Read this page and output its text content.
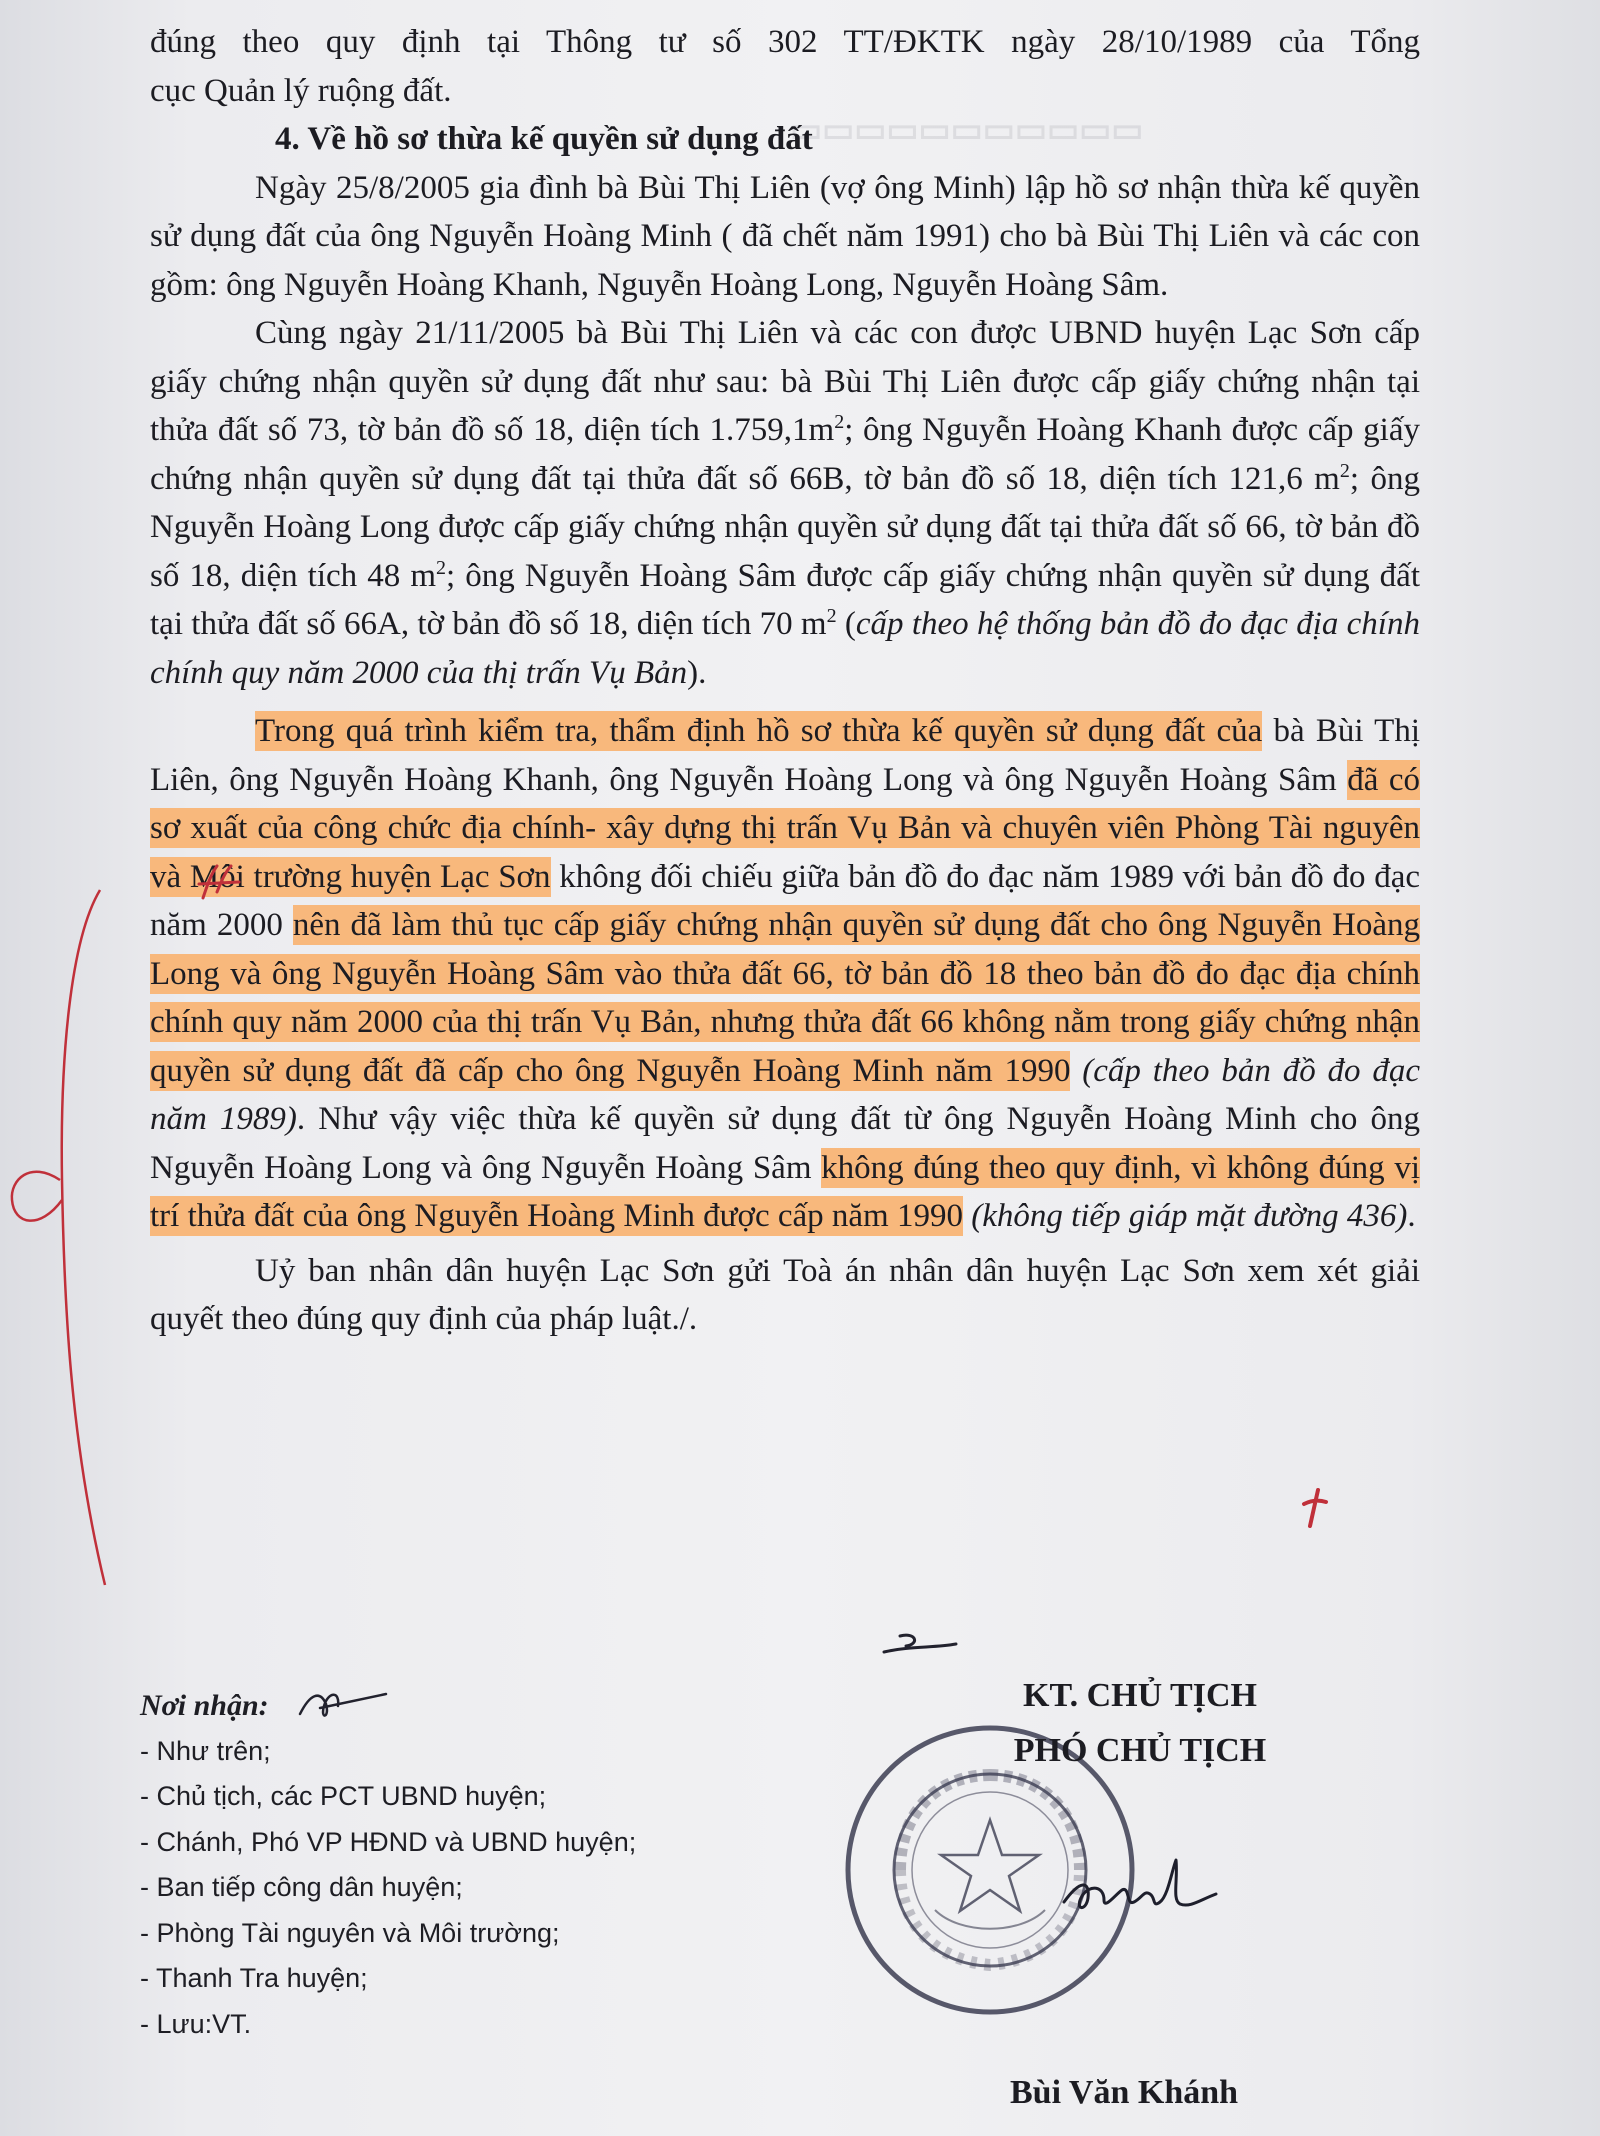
đúng theo quy định tại Thông tư số 302 TT/ĐKTK ngày 28/10/1989 của Tổng

cục Quản lý ruộng đất.

4. Về hồ sơ thừa kế quyền sử dụng đất

Ngày 25/8/2005 gia đình bà Bùi Thị Liên (vợ ông Minh) lập hồ sơ nhận thừa kế quyền sử dụng đất của ông Nguyễn Hoàng Minh ( đã chết năm 1991) cho bà Bùi Thị Liên và các con gồm: ông Nguyễn Hoàng Khanh, Nguyễn Hoàng Long, Nguyễn Hoàng Sâm.

Cùng ngày 21/11/2005 bà Bùi Thị Liên và các con được UBND huyện Lạc Sơn cấp giấy chứng nhận quyền sử dụng đất như sau: bà Bùi Thị Liên được cấp giấy chứng nhận tại thửa đất số 73, tờ bản đồ số 18, diện tích $1.759,1m^2$; ông Nguyễn Hoàng Khanh được cấp giấy chứng nhận quyền sử dụng đất tại thửa đất số 66B, tờ bản đồ số 18, diện tích 121,6 $m^2$; ông Nguyễn Hoàng Long được cấp giấy chứng nhận quyền sử dụng đất tại thửa đất số 66, tờ bản đồ số 18, diện tích 48 $m^2$; ông Nguyễn Hoàng Sâm được cấp giấy chứng nhận quyền sử dụng đất tại thửa đất số 66A, tờ bản đồ số 18, diện tích 70 $m^2$ (cấp theo hệ thống bản đồ đo đạc địa chính chính quy năm 2000 của thị trấn Vụ Bản).

Trong quá trình kiểm tra, thẩm định hồ sơ thừa kế quyền sử dụng đất của bà Bùi Thị Liên, ông Nguyễn Hoàng Khanh, ông Nguyễn Hoàng Long và ông Nguyễn Hoàng Sâm đã có sơ xuất của công chức địa chính- xây dựng thị trấn Vụ Bản và chuyên viên Phòng Tài nguyên và Môi trường huyện Lạc Sơn không đối chiếu giữa bản đồ đo đạc năm 1989 với bản đồ đo đạc năm 2000 nên đã làm thủ tục cấp giấy chứng nhận quyền sử dụng đất cho ông Nguyễn Hoàng Long và ông Nguyễn Hoàng Sâm vào thửa đất 66, tờ bản đồ 18 theo bản đồ đo đạc địa chính chính quy năm 2000 của thị trấn Vụ Bản, nhưng thửa đất 66 không nằm trong giấy chứng nhận quyền sử dụng đất đã cấp cho ông Nguyễn Hoàng Minh năm 1990 (cấp theo bản đồ đo đạc năm 1989). Như vậy việc thừa kế quyền sử dụng đất từ ông Nguyễn Hoàng Minh cho ông Nguyễn Hoàng Long và ông Nguyễn Hoàng Sâm không đúng theo quy định, vì không đúng vị trí thửa đất của ông Nguyễn Hoàng Minh được cấp năm 1990 (không tiếp giáp mặt đường 436).

Uỷ ban nhân dân huyện Lạc Sơn gửi Toà án nhân dân huyện Lạc Sơn xem xét giải quyết theo đúng quy định của pháp luật./.

Nơi nhận:
- Như trên;
- Chủ tịch, các PCT UBND huyện;
- Chánh, Phó VP HĐND và UBND huyện;
- Ban tiếp công dân huyện;
- Phòng Tài nguyên và Môi trường;
- Thanh Tra huyện;
- Lưu:VT.
KT. CHỦ TỊCH
PHÓ CHỦ TỊCH
Bùi Văn Khánh
